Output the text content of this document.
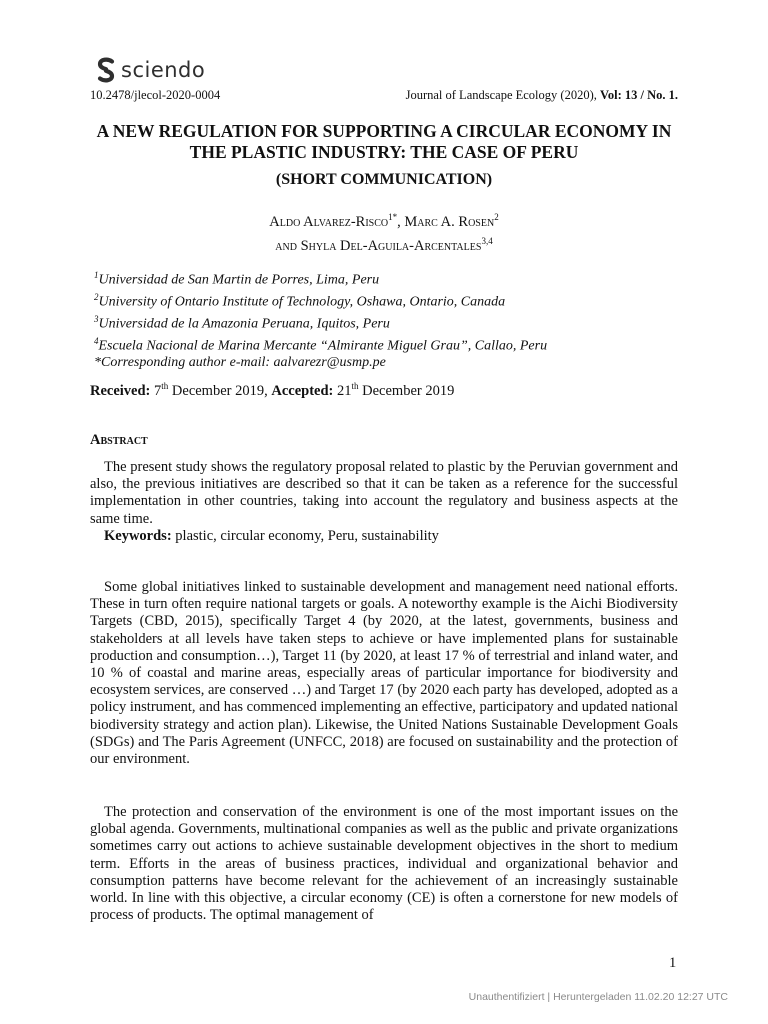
sciendo
10.2478/jlecol-2020-0004	Journal of Landscape Ecology (2020), Vol: 13 / No. 1.
A NEW REGULATION FOR SUPPORTING A CIRCULAR ECONOMY IN THE PLASTIC INDUSTRY: THE CASE OF PERU
(SHORT COMMUNICATION)
Aldo Alvarez-Risco$^{1*}$, Marc A. Rosen$^2$
and Shyla Del-Aguila-Arcentales$^{3,4}$
$^1$Universidad de San Martin de Porres, Lima, Peru
$^2$University of Ontario Institute of Technology, Oshawa, Ontario, Canada
$^3$Universidad de la Amazonia Peruana, Iquitos, Peru
$^4$Escuela Nacional de Marina Mercante “Almirante Miguel Grau”, Callao, Peru
*Corresponding author e-mail: aalvarezr@usmp.pe
Received: 7th December 2019, Accepted: 21th December 2019
Abstract

The present study shows the regulatory proposal related to plastic by the Peruvian government and also, the previous initiatives are described so that it can be taken as a reference for the successful implementation in other countries, taking into account the regulatory and business aspects at the same time.

Keywords: plastic, circular economy, Peru, sustainability

Some global initiatives linked to sustainable development and management need national efforts. These in turn often require national targets or goals. A noteworthy example is the Aichi Biodiversity Targets (CBD, 2015), specifically Target 4 (by 2020, at the latest, governments, business and stakeholders at all levels have taken steps to achieve or have implemented plans for sustainable production and consumption…), Target 11 (by 2020, at least 17 % of terrestrial and inland water, and 10 % of coastal and marine areas, especially areas of particular importance for biodiversity and ecosystem services, are conserved …) and Target 17 (by 2020 each party has developed, adopted as a policy instrument, and has commenced implementing an effective, participatory and updated national biodiversity strategy and action plan). Likewise, the United Nations Sustainable Development Goals (SDGs) and The Paris Agreement (UNFCC, 2018) are focused on sustainability and the protection of our environment.

The protection and conservation of the environment is one of the most important issues on the global agenda. Governments, multinational companies as well as the public and private organizations sometimes carry out actions to achieve sustainable development objectives in the short to medium term. Efforts in the areas of business practices, individual and organizational behavior and consumption patterns have become relevant for the achievement of an increasingly sustainable world. In line with this objective, a circular economy (CE) is often a cornerstone for new models of process of products. The optimal management of

1
Unauthentifiziert | Heruntergeladen 11.02.20 12:27 UTC
